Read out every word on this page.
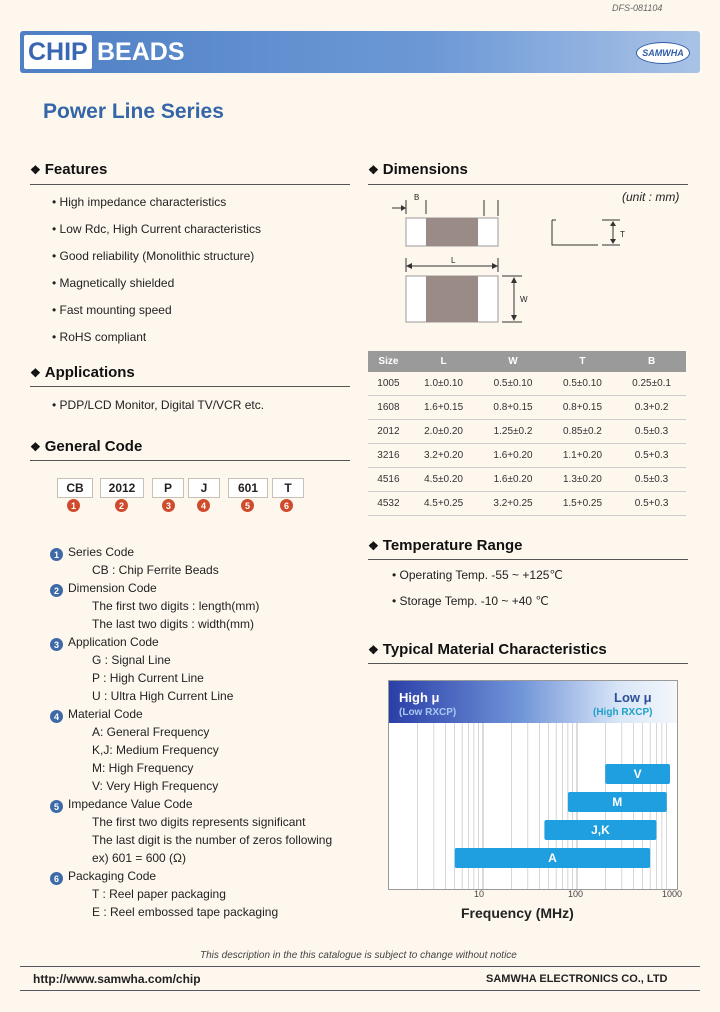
DFS-081104
CHIP BEADS	SAMWHA
Power Line Series
❖ Features
• High impedance characteristics
• Low Rdc, High Current characteristics
• Good reliability (Monolithic structure)
• Magnetically shielded
• Fast mounting speed
• RoHS compliant
❖ Applications
• PDP/LCD Monitor, Digital TV/VCR etc.
❖ General Code
CB	2012	P	J	601	T
1	2	3	4	5	6
1 Series Code
CB : Chip Ferrite Beads
2 Dimension Code
The first two digits : length(mm)
The last two digits : width(mm)
3 Application Code
G : Signal Line
P : High Current Line
U : Ultra High Current Line
4 Material Code
A: General Frequency
K,J: Medium Frequency
M: High Frequency
V: Very High Frequency
5 Impedance Value Code
The first two digits represents significant
The last digit is the number of zeros following
ex) 601 = 600 (Ω)
6 Packaging Code
T : Reel paper packaging
E : Reel embossed tape packaging
❖ Dimensions
(unit : mm)
B
L
W
T
Size	L	W	T	B
1005	1.0±0.10	0.5±0.10	0.5±0.10	0.25±0.1
1608	1.6+0.15	0.8+0.15	0.8+0.15	0.3+0.2
2012	2.0±0.20	1.25±0.2	0.85±0.2	0.5±0.3
3216	3.2+0.20	1.6+0.20	1.1+0.20	0.5+0.3
4516	4.5±0.20	1.6±0.20	1.3±0.20	0.5±0.3
4532	4.5+0.25	3.2+0.25	1.5+0.25	0.5+0.3
❖ Temperature Range
• Operating Temp. -55 ~ +125℃
• Storage Temp. -10 ~ +40 ℃
❖ Typical Material Characteristics
V
M
J,K
A
High μ
(Low RXCP)
Low μ
(High RXCP)
10	100	1000
Frequency (MHz)
This description in the this catalogue is subject to change without notice
http://www.samwha.com/chip	SAMWHA ELECTRONICS CO., LTD
